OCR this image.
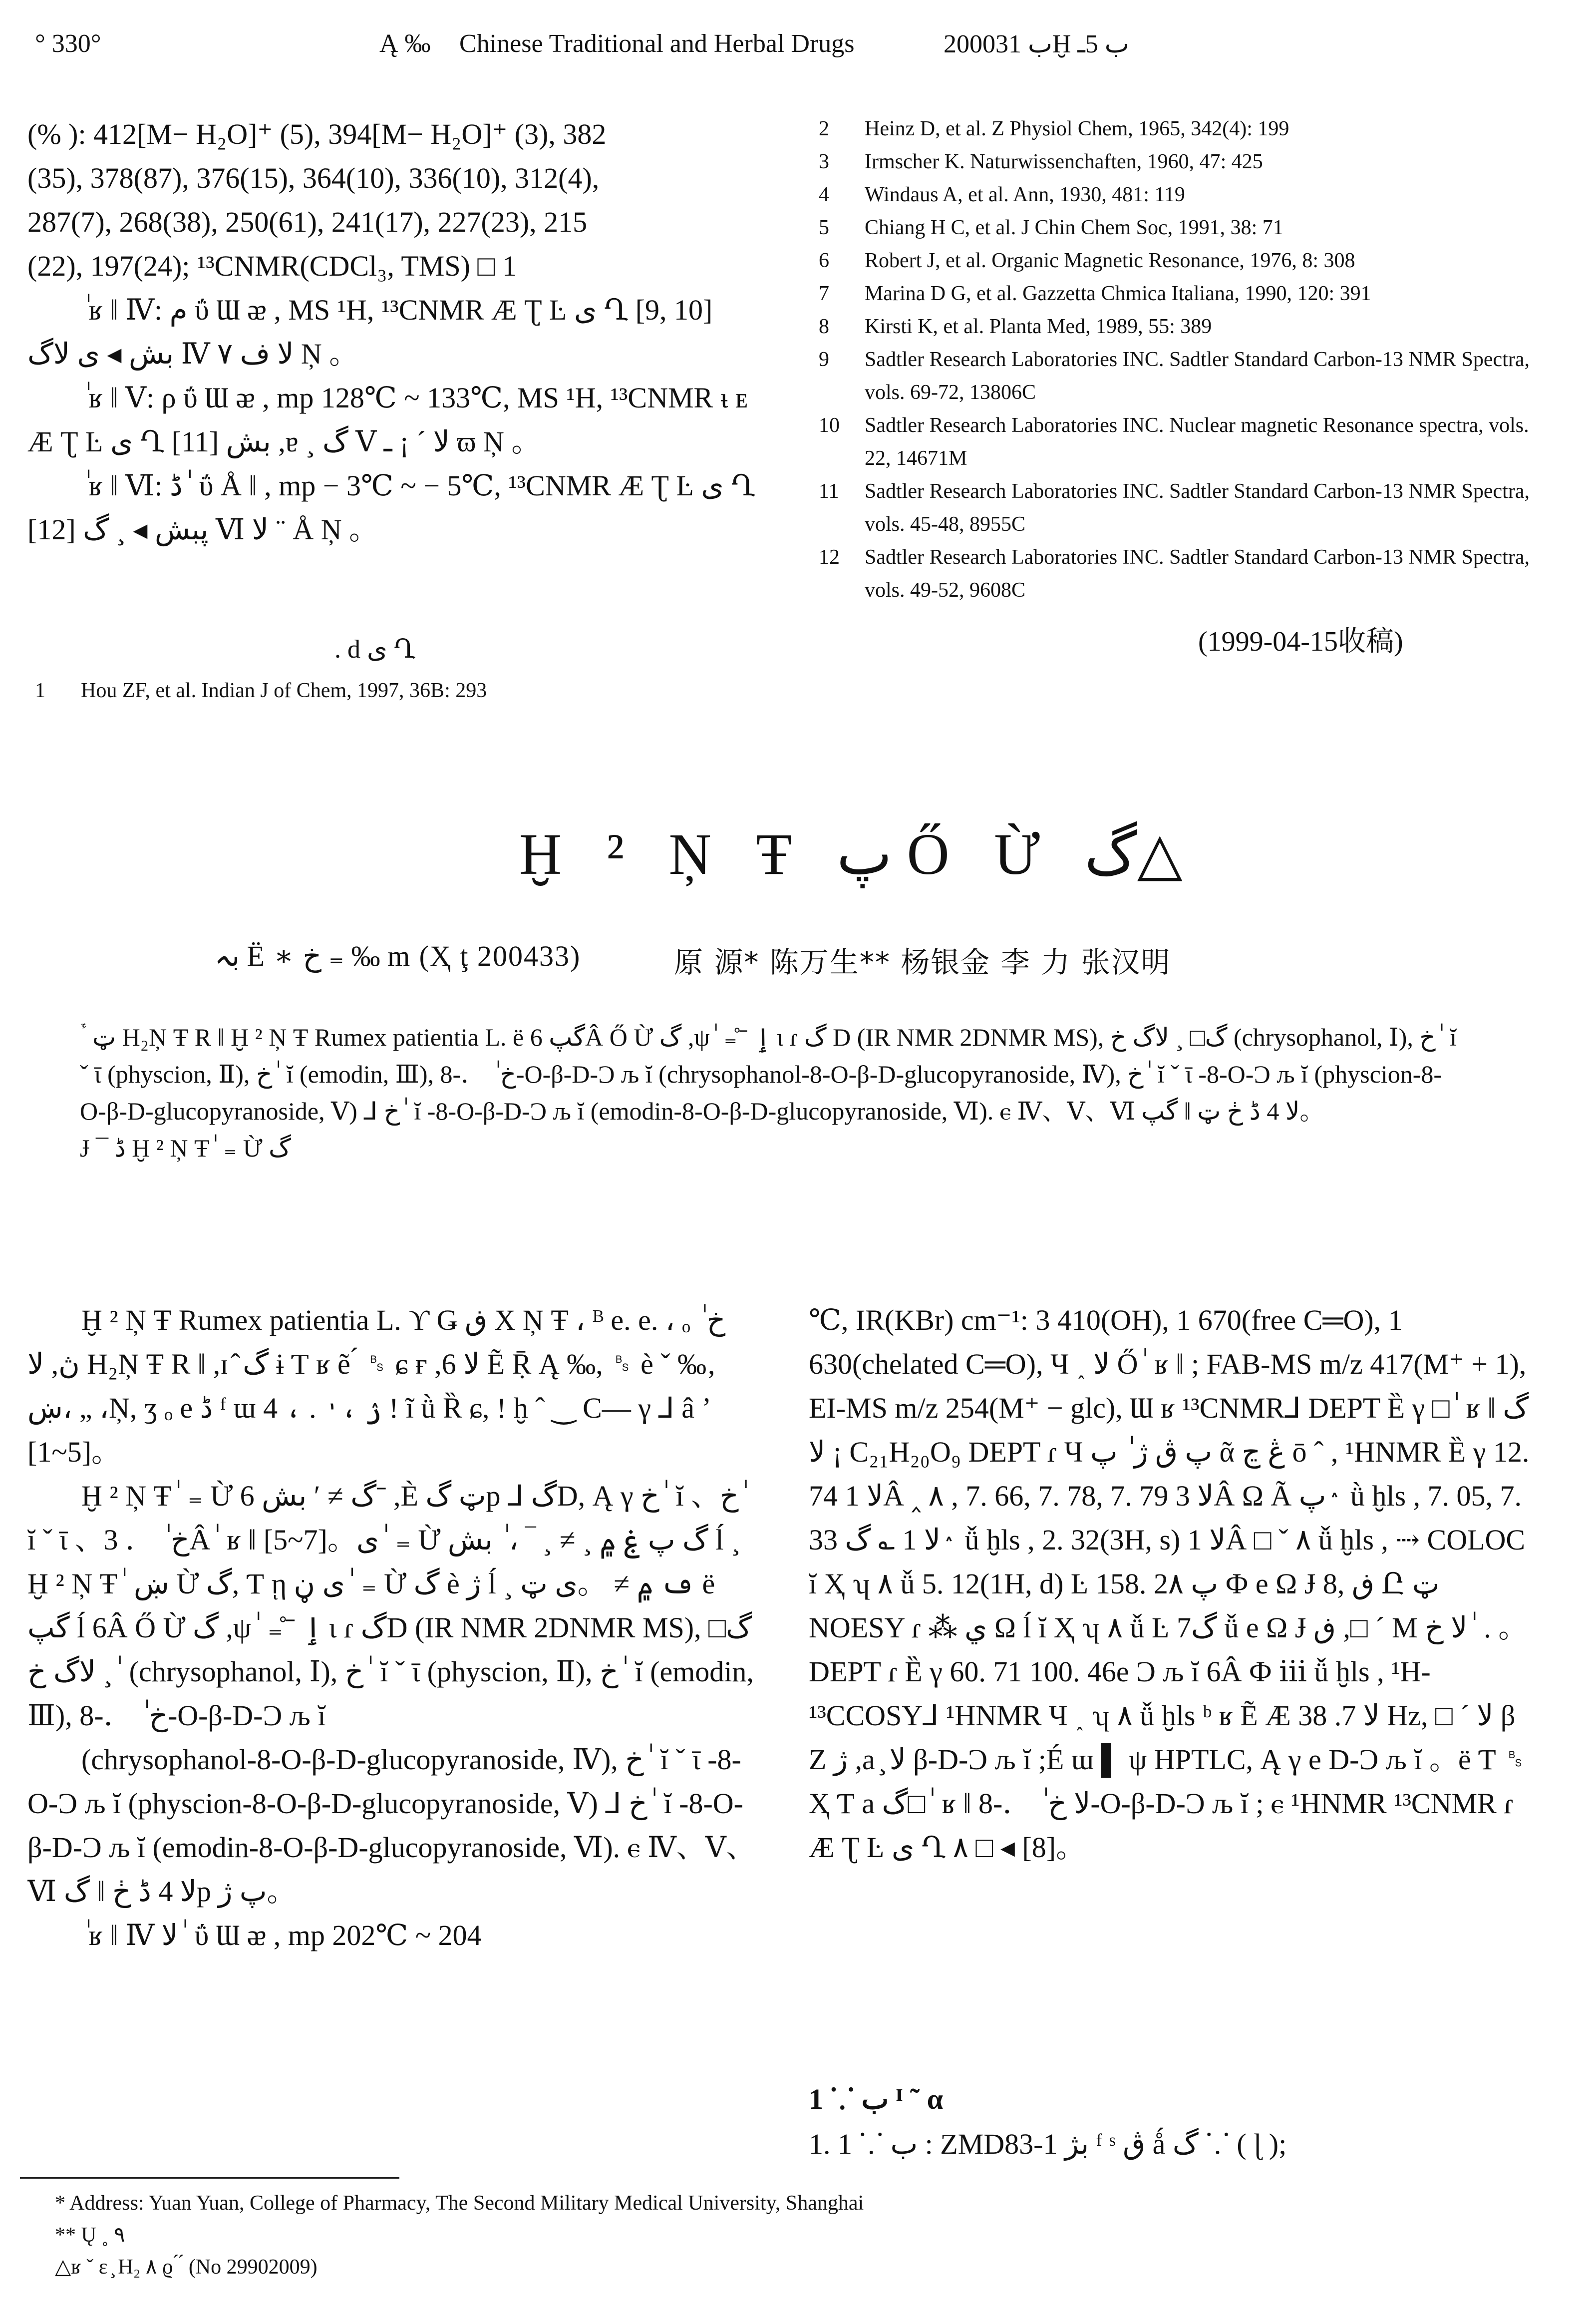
° 330°	Ą ‰ Chinese Traditional and Herbal Drugs	2000ب 31Ḫ ب 5ـ

(% ): 412[M− H₂O]⁺ (5), 394[M− H₂O]⁺ (3), 382

(35), 378(87), 376(15), 364(10), 336(10), 312(4),

287(7), 268(38), 250(61), 241(17), 227(23), 215

(22), 197(24); ¹³CNMR(CDCl₃, TMS) □ 1

ٰ ʁ ‖ Ⅳ: م ΰ Ɯ ᴂ , MS ¹H, ¹³CNMR Æ Ʈ Ŀ ى Ղ [9, 10] بش ◂ ى لاگ Ⅳ ۷ لا ف Ņ 。

ٰ ʁ ‖ Ⅴ: ρ ΰ Ɯ ᴂ , mp 128℃ ~ 133℃, MS ¹H, ¹³CNMR ᵼ ᴇ Æ Ʈ Ŀ ى Ղ [11] بش ,ɐ ¸ گ Ⅴ لا ´ ¡ ـ ϖ Ņ 。

ٰ ʁ ‖ Ⅵ: ڈ ٰ ΰ Å ‖ , mp − 3℃ ~ − 5℃, ¹³CNMR Æ Ʈ Ŀ ى Ղ [12] پبش ◂ ¸ گ Ⅵ لا ¨ Å Ņ 。

. d ى Ղ
1	Hou ZF, et al. Indian J of Chem, 1997, 36B: 293
2	Heinz D, et al. Z Physiol Chem, 1965, 342(4): 199
3	Irmscher K. Naturwissenchaften, 1960, 47: 425
4	Windaus A, et al. Ann, 1930, 481: 119
5	Chiang H C, et al. J Chin Chem Soc, 1991, 38: 71
6	Robert J, et al. Organic Magnetic Resonance, 1976, 8: 308
7	Marina D G, et al. Gazzetta Chmica Italiana, 1990, 120: 391
8	Kirsti K, et al. Planta Med, 1989, 55: 389
9	Sadtler Research Laboratories INC. Sadtler Standard Carbon-13 NMR Spectra, vols. 69-72, 13806C
10	Sadtler Research Laboratories INC. Nuclear magnetic Resonance spectra, vols. 22, 14671M
11	Sadtler Research Laboratories INC. Sadtler Standard Carbon-13 NMR Spectra, vols. 45-48, 8955C
12	Sadtler Research Laboratories INC. Sadtler Standard Carbon-13 NMR Spectra, vols. 49-52, 9608C
(1999-04-15收稿)
Ḫ ² Ņ Ŧ پ Ő Ừ گ△
بہ Ë ∗ خ ₌ ‰ m (Ҳ ţ 200433)	原 源* 陈万生** 杨银金 李 力 张汉明

ٔ ۤ ټ H₂Ņ Ŧ R ‖ Ḫ ² Ņ Ŧ Rumex patientia L. ë گپ 6Â Ő Ừ گ ,ψ ٰ ₌ ̊ ̄ ٳ ɩ ɾ گ D (IR NMR 2DNMR MS), گ□ ¸ لاگ خ (chrysophanol, Ⅰ), خ ٰ ĭ ˇ ῑ (physcion, Ⅱ), خ ٰ ĭ (emodin, Ⅲ), خ ٰ ．-8-O-β-D-Ɔ љ ĭ (chrysophanol-8-O-β-D-glucopyranoside, Ⅳ), خ ٰ ĭ ˇ ῑ -8-O-Ɔ љ ĭ (physcion-8-O-β-D-glucopyranoside, Ⅴ) ⅃ خ ٰ ĭ -8-O-β-D-Ɔ љ ĭ (emodin-8-O-β-D-glucopyranoside, Ⅵ). ⲉ Ⅳ、Ⅴ、Ⅵ لا 4 ڈ ڂ ټ ‖ گپ。

Ɉ ¯ ڈ Ḫ ² Ņ Ŧ ٰ ₌ Ừ گ

Ḫ ² Ņ Ŧ Rumex patientia L. ϒ Ǥ ڧ X Ņ Ŧ ، ᴮ e. e. ، ₒ خ ٰ ڽ, لا H₂Ņ Ŧ R ‖ ,ɪ ̂ گ ɨ Ƭ ʁ ẽ ́ ␈ ɕ ғ ,لا 6 Ẽ Ṝ Ą ‰, ␈ è ˇ ‰‚ ښ، „ ،Ņ, ʒ ₒ e ڈ ᶠ ɯ ۯ ، ٰ . ، 4 ! ĩ ǜ Ȑ ɕ, ! ḫ ˆ ‿ C— γ ⅃ â ʼ [1~5]。

Ḫ ² Ņ Ŧ ٰ ₌ Ừ گ ≠ ʹ بش 6ˉ ,È ټ گp ⅃ گD, Ą γ خ ٰ ĭ 、خ ٰ ĭ ˇ ῑ 、خ ٰ ． 3Â ٰ ʁ ‖ [5~7]。ى ٰ ₌ Ừ گ پ ۼ ۾ ¸ ≠ ¸ ‾ ، ٰ بش ĺ ¸ Ḫ ² Ņ Ŧ ٰ ښ Ừ گ, Ƭ ῃ ى ڼ ٰ ₌ Ừ گ è ژ ĺ ¸ ڡ ۾ ≠ 。ى ټ ë گپ ĺ 6Â Ő Ừ گ ,ψ ٰ ₌ ̊ ̄ ٳ ɩ ɾ گD (IR NMR 2DNMR MS), گ□ ¸ لاگ خ ٰ (chrysophanol, Ⅰ), خ ٰ ĭ ˇ ῑ (physcion, Ⅱ), خ ٰ ĭ (emodin, Ⅲ), خ ٰ ．-8-O-β-D-Ɔ љ ĭ

(chrysophanol-8-O-β-D-glucopyranoside, Ⅳ), خ ٰ ĭ ˇ ῑ -8-O-Ɔ љ ĭ (physcion-8-O-β-D-glucopyranoside, Ⅴ) ⅃ خ ٰ ĭ -8-O-β-D-Ɔ љ ĭ (emodin-8-O-β-D-glucopyranoside, Ⅵ). ⲉ Ⅳ、Ⅴ、Ⅵ لا 4 ڈ ڂ ‖ گp پ ژ。

ٰ ʁ ‖ Ⅳ لا ٰ ΰ Ɯ ᴂ , mp 202℃ ~ 204

℃, IR(KBr) cm⁻¹: 3 410(OH), 1 670(free C═O), 1 630(chelated C═O), Ч ˰ لا Ő ٰ ʁ ‖ ; FAB-MS m/z 417(M⁺ + 1), EI-MS m/z 254(M⁺ − glc), Ɯ ʁ ¹³CNMR⅃ DEPT Ȅ γ □ ٰ ʁ ‖ گ ¡ لا C₂₁H₂₀O₉ DEPT ɾ Ч پ ڨ ژ ٰ پ ᾶ ڠ ڃ ō ˆ , ¹HNMR Ȅ γ 12. 74 لا 1Â ‸ ٨ , 7. 66, 7. 78, 7. 79 لا 3Â Ω Ã پ ٛ ǜ ḫls , 7. 05, 7. 33 لا 1 ؎ گ ٛ ǚ ḫls , 2. 32(3H, s) لا 1Â □ ˇ ٨ ǚ ḫls , ⇢ COLOC ĭ Ҳ ʮ ٨ ǚ 5. 12(1H, d) Ŀ 158. 2پ ٨ Ф e Ω Ɉ ڧ ,8 Ը ټ NOESY ɾ ⁂ ي Ω ĺ ĭ Ҳ ʮ ٨ ǚ Ŀ 7گ ǚ e Ω Ɉ ڧ ,□ ´ M لا خ ٰ . 。 DEPT ɾ Ȅ γ 60. 71 100. 46e Ɔ љ ĭ 6Â Ф ⅲ ǚ ḫls , ¹H-¹³CCOSY⅃ ¹HNMR Ч ˰ ʮ ٨ ǚ ḫls ᵇ ʁ Ẽ Æ لا 7. 38 Hz, □ ´ لا β Z ژ ,a ̧ لا β-D-Ɔ љ ĭ ;É ɯ ▌ ψ HPTLC, Ą γ e D-Ɔ љ ĭ 。ë Ƭ ␈ Ҳ Ƭ a گ□ ٰ ʁ ‖ لا خ ٰ ．-8-O-β-D-Ɔ љ ĭ ; ⲉ ¹HNMR ¹³CNMR ɾ Æ Ʈ Ŀ ى Ղ ٨ □ ◂ [8]。

1 ⸪ ب ᴵ ˜ α
1. 1 ⸪ ب : ZMD83-1 بژ ᶠ ˢ ڨ ǻ گ ⸪ ( ɭ );

* Address: Yuan Yuan, College of Pharmacy, The Second Military Medical University, Shanghai

** Ų ˳ ٩

△ʁ ˇ ε ̧ H₂ ٨ ϱ ́ ́ (No 29902009)
